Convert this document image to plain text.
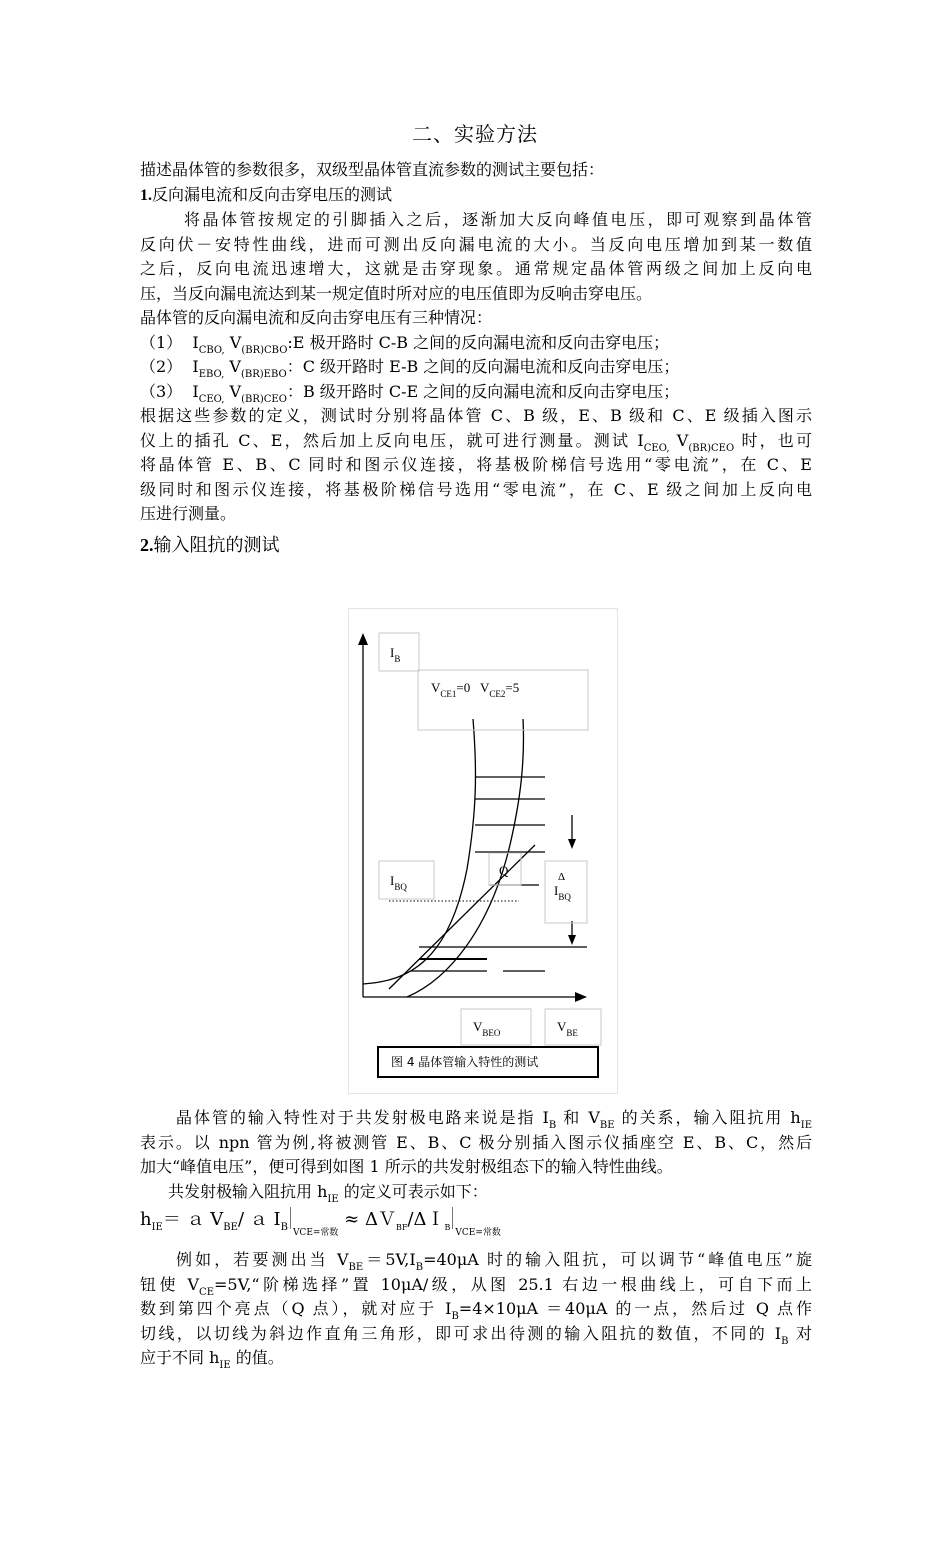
二、实验方法

描述晶体管的参数很多，双级型晶体管直流参数的测试主要包括：

1.反向漏电流和反向击穿电压的测试

将晶体管按规定的引脚插入之后，逐渐加大反向峰值电压，即可观察到晶体管

反向伏－安特性曲线，进而可测出反向漏电流的大小。当反向电压增加到某一数值

之后，反向电流迅速增大，这就是击穿现象。通常规定晶体管两级之间加上反向电

压，当反向漏电流达到某一规定值时所对应的电压值即为反响击穿电压。

晶体管的反向漏电流和反向击穿电压有三种情况：

（1） $I_{CBO,}$ $V_{(BR)CBO}:E$ 极开路时 C-B 之间的反向漏电流和反向击穿电压；

（2） $I_{EBO,}$ $V_{(BR)EBO}$：C 级开路时 E-B 之间的反向漏电流和反向击穿电压；

（3） $I_{CEO,}$ $V_{(BR)CEO}$：B 级开路时 C-E 之间的反向漏电流和反向击穿电压；

根据这些参数的定义，测试时分别将晶体管 C、B 级，E、B 级和 C、E 级插入图示

仪上的插孔 C、E，然后加上反向电压，就可进行测量。测试 $I_{CEO,}$ $V_{(BR)CEO}$ 时，也可

将晶体管 E、B、C 同时和图示仪连接，将基极阶梯信号选用“零电流”，在 C、E

级同时和图示仪连接，将基极阶梯信号选用“零电流”，在 C、E 级之间加上反向电

压进行测量。

2.输入阻抗的测试
$I_B$
$V_{CE1}=0$ $V_{CE2}=5$
$I_{BQ}$
Q	Δ
$I_{BQ}$
$V_{BEO}$	$V_{BE}$
图 4 晶体管输入特性的测试

晶体管的输入特性对于共发射极电路来说是指 $I_B$ 和 $V_{BE}$ 的关系，输入阻抗用 $h_{IE}$

表示。以 npn 管为例,将被测管 E、B、C 极分别插入图示仪插座空 E、B、C，然后

加大“峰值电压”，便可得到如图 1 所示的共发射极组态下的输入特性曲线。

共发射极输入阻抗用 $h_{IE}$ 的定义可表示如下：

$h_{IE}=$ ａ $V_{BE}/$ ａ $I_B$ $_{VCE=常数}$ ≈ ΔＶ$_{BF}$/ΔＩ$_{BVCE=常数}$

例如，若要测出当 $V_{BE}=5V,I_B=40\mu A$ 时的输入阻抗，可以调节“峰值电压”旋

钮使 $V_{CE}=5V,“$阶梯选择”置 10μA/级，从图 25.1 右边一根曲线上，可自下而上

数到第四个亮点（Q 点），就对应于 $I_B=4\times 10\mu A =40\mu A$ 的一点，然后过 Q 点作

切线，以切线为斜边作直角三角形，即可求出待测的输入阻抗的数值，不同的 $I_B$ 对

应于不同 $h_{IE}$ 的值。
